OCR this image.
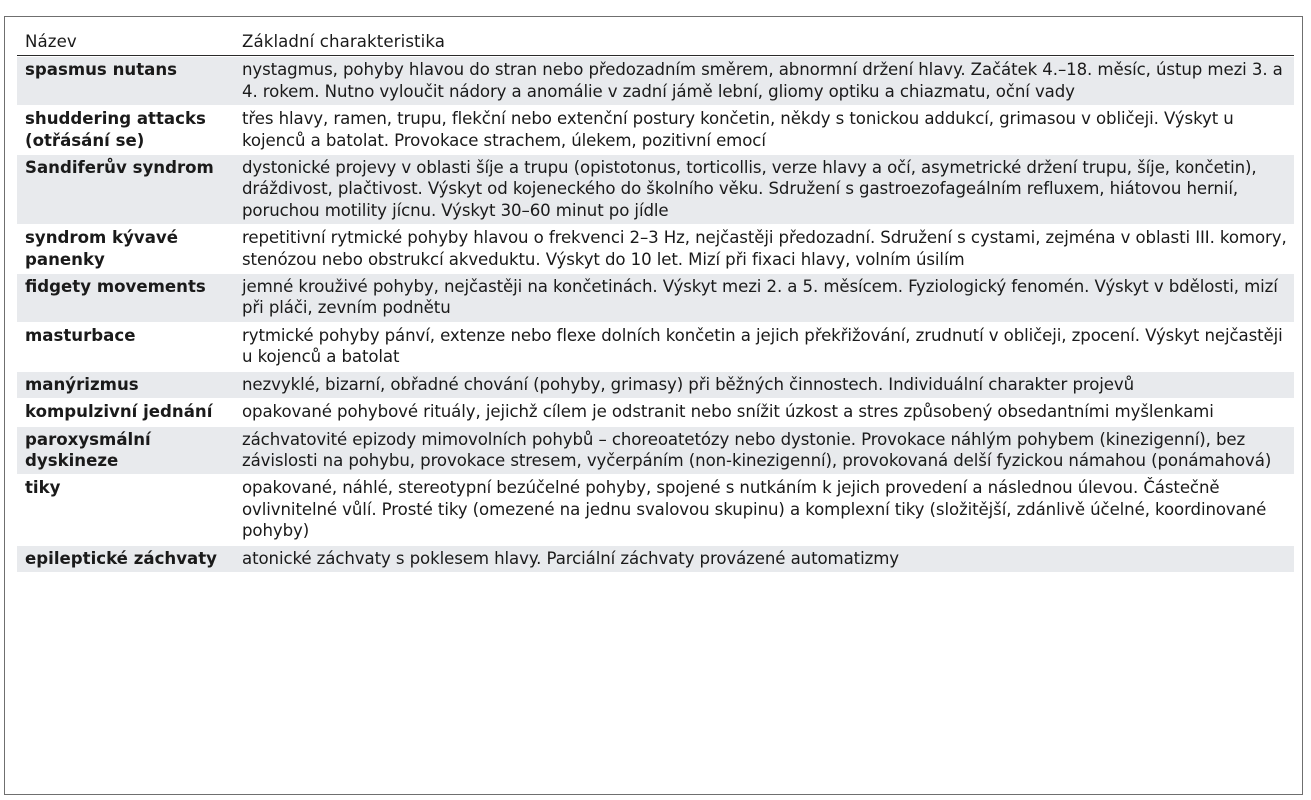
Název	Základní charakteristika
spasmus nutans	nystagmus, pohyby hlavou do stran nebo předozadním směrem, abnormní držení hlavy. Začátek 4.–18. měsíc, ústup mezi 3. a 4. rokem. Nutno vyloučit nádory a anomálie v zadní jámě lební, gliomy optiku a chiazmatu, oční vady
shuddering attacks (otřásání se)	třes hlavy, ramen, trupu, flekční nebo extenční postury končetin, někdy s tonickou addukcí, grimasou v obličeji. Výskyt u kojenců a batolat. Provokace strachem, úlekem, pozitivní emocí
Sandiferův syndrom	dystonické projevy v oblasti šíje a trupu (opistotonus, torticollis, verze hlavy a očí, asymetrické držení trupu, šíje, končetin), dráždivost, plačtivost. Výskyt od kojeneckého do školního věku. Sdružení s gastroezofageálním refluxem, hiátovou hernií, poruchou motility jícnu. Výskyt 30–60 minut po jídle
syndrom kývavé panenky	repetitivní rytmické pohyby hlavou o frekvenci 2–3 Hz, nejčastěji předozadní. Sdružení s cystami, zejména v oblasti III. komory, stenózou nebo obstrukcí akveduktu. Výskyt do 10 let. Mizí při fixaci hlavy, volním úsilím
fidgety movements	jemné krouživé pohyby, nejčastěji na končetinách. Výskyt mezi 2. a 5. měsícem. Fyziologický fenomén. Výskyt v bdělosti, mizí při pláči, zevním podnětu
masturbace	rytmické pohyby pánví, extenze nebo flexe dolních končetin a jejich překřižování, zrudnutí v obličeji, zpocení. Výskyt nejčastěji u kojenců a batolat
manýrizmus	nezvyklé, bizarní, obřadné chování (pohyby, grimasy) při běžných činnostech. Individuální charakter projevů
kompulzivní jednání	opakované pohybové rituály, jejichž cílem je odstranit nebo snížit úzkost a stres způsobený obsedantními myšlenkami
paroxysmální dyskineze	záchvatovité epizody mimovolních pohybů – choreoatetózy nebo dystonie. Provokace náhlým pohybem (kinezigenní), bez závislosti na pohybu, provokace stresem, vyčerpáním (non-kinezigenní), provokovaná delší fyzickou námahou (ponámahová)
tiky	opakované, náhlé, stereotypní bezúčelné pohyby, spojené s nutkáním k jejich provedení a následnou úlevou. Částečně ovlivnitelné vůlí. Prosté tiky (omezené na jednu svalovou skupinu) a komplexní tiky (složitější, zdánlivě účelné, koordinované pohyby)
epileptické záchvaty	atonické záchvaty s poklesem hlavy. Parciální záchvaty provázené automatizmy
